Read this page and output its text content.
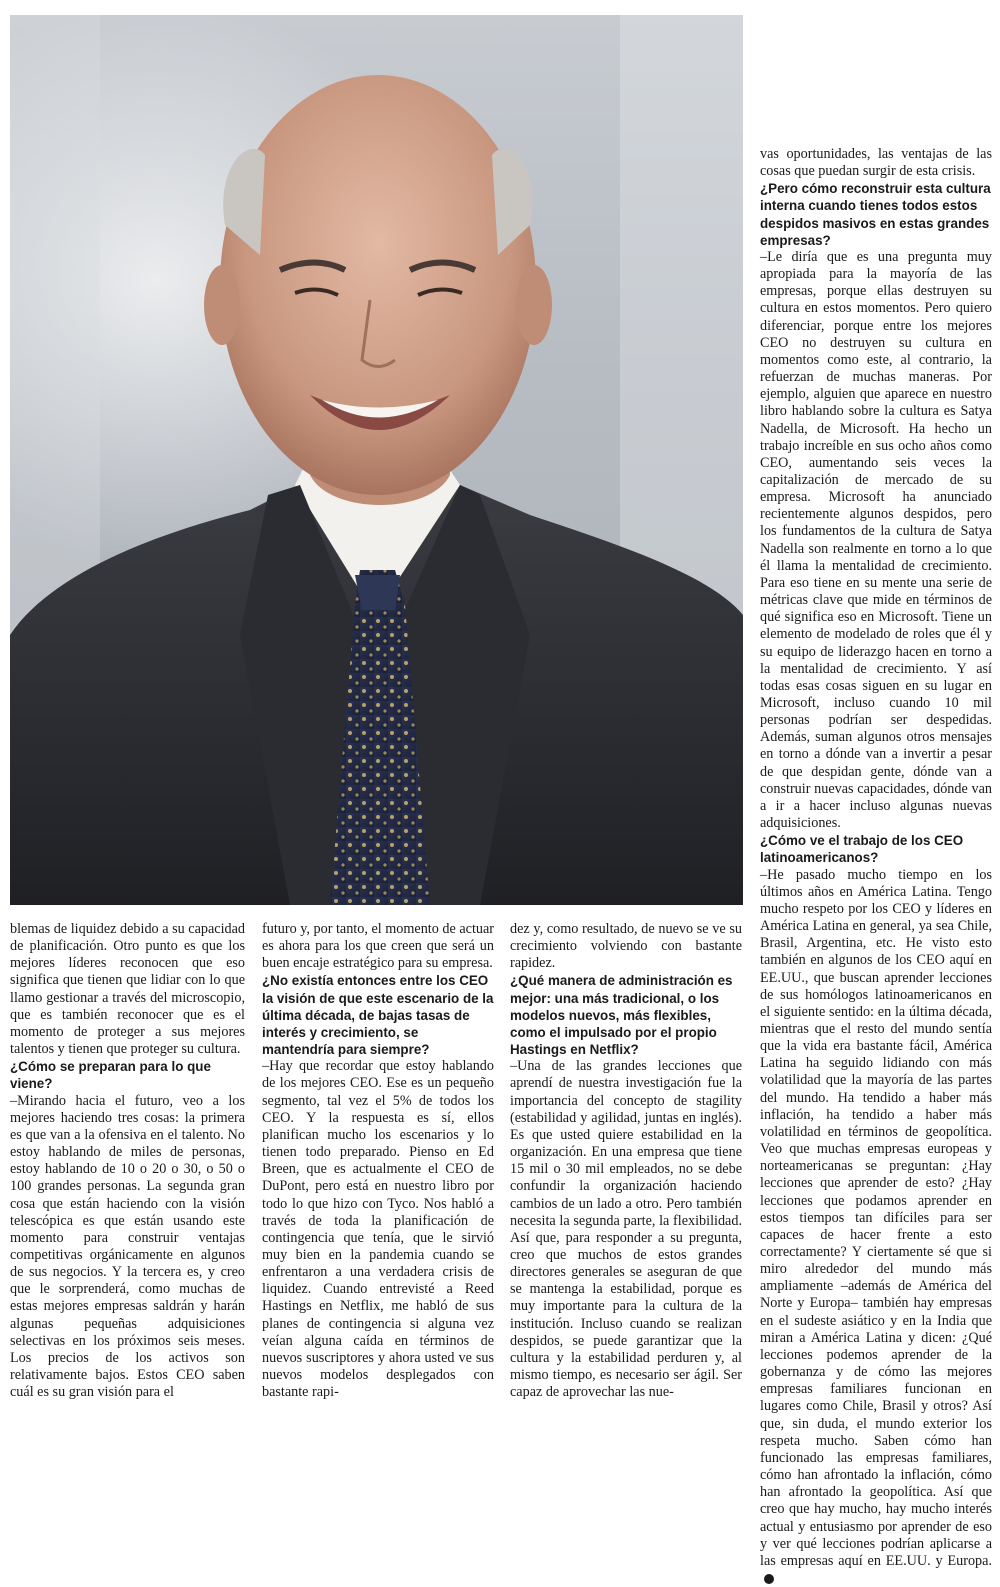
vas oportunidades, las ventajas de las cosas que puedan surgir de esta crisis.

¿Pero cómo reconstruir esta cultura interna cuando tienes todos estos despidos masivos en estas grandes empresas?

–Le diría que es una pregunta muy apropiada para la mayoría de las empresas, porque ellas destruyen su cultura en estos momentos. Pero quiero diferenciar, porque entre los mejores CEO no destruyen su cultura en momentos como este, al contrario, la refuerzan de muchas maneras. Por ejemplo, alguien que aparece en nuestro libro hablando sobre la cultura es Satya Nadella, de Microsoft. Ha hecho un trabajo increíble en sus ocho años como CEO, aumentando seis veces la capitalización de mercado de su empresa. Microsoft ha anunciado recientemente algunos despidos, pero los fundamentos de la cultura de Satya Nadella son realmente en torno a lo que él llama la mentalidad de crecimiento. Para eso tiene en su mente una serie de métricas clave que mide en términos de qué significa eso en Microsoft. Tiene un elemento de modelado de roles que él y su equipo de liderazgo hacen en torno a la mentalidad de crecimiento. Y así todas esas cosas siguen en su lugar en Microsoft, incluso cuando 10 mil personas podrían ser despedidas. Además, suman algunos otros mensajes en torno a dónde van a invertir a pesar de que despidan gente, dónde van a construir nuevas capacidades, dónde van a ir a hacer incluso algunas nuevas adquisiciones.

¿Cómo ve el trabajo de los CEO latinoamericanos?

–He pasado mucho tiempo en los últimos años en América Latina. Tengo mucho respeto por los CEO y líderes en América Latina en general, ya sea Chile, Brasil, Argentina, etc. He visto esto también en algunos de los CEO aquí en EE.UU., que buscan aprender lecciones de sus homólogos latinoamericanos en el siguiente sentido: en la última década, mientras que el resto del mundo sentía que la vida era bastante fácil, América Latina ha seguido lidiando con más volatilidad que la mayoría de las partes del mundo. Ha tendido a haber más inflación, ha tendido a haber más volatilidad en términos de geopolítica. Veo que muchas empresas europeas y norteamericanas se preguntan: ¿Hay lecciones que aprender de esto? ¿Hay lecciones que podamos aprender en estos tiempos tan difíciles para ser capaces de hacer frente a esto correctamente? Y ciertamente sé que si miro alrededor del mundo más ampliamente –además de América del Norte y Europa– también hay empresas en el sudeste asiático y en la India que miran a América Latina y dicen: ¿Qué lecciones podemos aprender de la gobernanza y de cómo las mejores empresas familiares funcionan en lugares como Chile, Brasil y otros? Así que, sin duda, el mundo exterior los respeta mucho. Saben cómo han funcionado las empresas familiares, cómo han afrontado la inflación, cómo han afrontado la geopolítica. Así que creo que hay mucho, hay mucho interés actual y entusiasmo por aprender de eso y ver qué lecciones podrían aplicarse a las empresas aquí en EE.UU. y Europa.

blemas de liquidez debido a su capacidad de planificación. Otro punto es que los mejores líderes reconocen que eso significa que tienen que lidiar con lo que llamo gestionar a través del microscopio, que es también reconocer que es el momento de proteger a sus mejores talentos y tienen que proteger su cultura.

¿Cómo se preparan para lo que viene?

–Mirando hacia el futuro, veo a los mejores haciendo tres cosas: la primera es que van a la ofensiva en el talento. No estoy hablando de miles de personas, estoy hablando de 10 o 20 o 30, o 50 o 100 grandes personas. La segunda gran cosa que están haciendo con la visión telescópica es que están usando este momento para construir ventajas competitivas orgánicamente en algunos de sus negocios. Y la tercera es, y creo que le sorprenderá, como muchas de estas mejores empresas saldrán y harán algunas pequeñas adquisiciones selectivas en los próximos seis meses. Los precios de los activos son relativamente bajos. Estos CEO saben cuál es su gran visión para el

futuro y, por tanto, el momento de actuar es ahora para los que creen que será un buen encaje estratégico para su empresa.

¿No existía entonces entre los CEO la visión de que este escenario de la última década, de bajas tasas de interés y crecimiento, se mantendría para siempre?

–Hay que recordar que estoy hablando de los mejores CEO. Ese es un pequeño segmento, tal vez el 5% de todos los CEO. Y la respuesta es sí, ellos planifican mucho los escenarios y lo tienen todo preparado. Pienso en Ed Breen, que es actualmente el CEO de DuPont, pero está en nuestro libro por todo lo que hizo con Tyco. Nos habló a través de toda la planificación de contingencia que tenía, que le sirvió muy bien en la pandemia cuando se enfrentaron a una verdadera crisis de liquidez. Cuando entrevisté a Reed Hastings en Netflix, me habló de sus planes de contingencia si alguna vez veían alguna caída en términos de nuevos suscriptores y ahora usted ve sus nuevos modelos desplegados con bastante rapi-

dez y, como resultado, de nuevo se ve su crecimiento volviendo con bastante rapidez.

¿Qué manera de administración es mejor: una más tradicional, o los modelos nuevos, más flexibles, como el impulsado por el propio Hastings en Netflix?

–Una de las grandes lecciones que aprendí de nuestra investigación fue la importancia del concepto de stagility (estabilidad y agilidad, juntas en inglés). Es que usted quiere estabilidad en la organización. En una empresa que tiene 15 mil o 30 mil empleados, no se debe confundir la organización haciendo cambios de un lado a otro. Pero también necesita la segunda parte, la flexibilidad. Así que, para responder a su pregunta, creo que muchos de estos grandes directores generales se aseguran de que se mantenga la estabilidad, porque es muy importante para la cultura de la institución. Incluso cuando se realizan despidos, se puede garantizar que la cultura y la estabilidad perduren y, al mismo tiempo, es necesario ser ágil. Ser capaz de aprovechar las nue-
